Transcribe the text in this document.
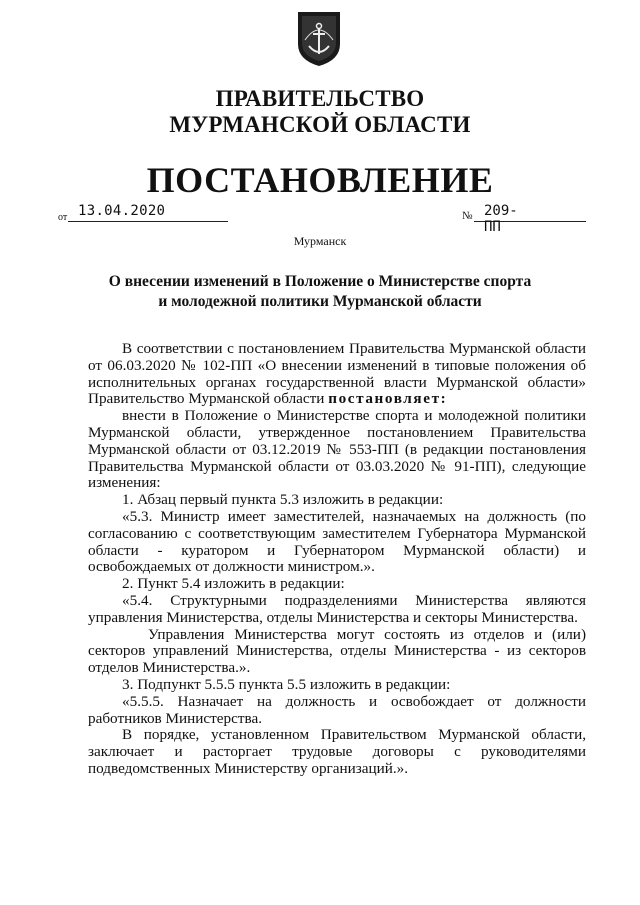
ПРАВИТЕЛЬСТВО
МУРМАНСКОЙ ОБЛАСТИ
ПОСТАНОВЛЕНИЕ
от 13.04.2020	№ 209-ПП
Мурманск
О внесении изменений в Положение о Министерстве спорта
и молодежной политики Мурманской области

В соответствии с постановлением Правительства Мурманской области от 06.03.2020 № 102-ПП «О внесении изменений в типовые положения об исполнительных органах государственной власти Мурманской области» Правительство Мурманской области постановляет:

внести в Положение о Министерстве спорта и молодежной политики Мурманской области, утвержденное постановлением Правительства Мурманской области от 03.12.2019 № 553-ПП (в редакции постановления Правительства Мурманской области от 03.03.2020 № 91-ПП), следующие изменения:

1. Абзац первый пункта 5.3 изложить в редакции:

«5.3. Министр имеет заместителей, назначаемых на должность (по согласованию с соответствующим заместителем Губернатора Мурманской области - куратором и Губернатором Мурманской области) и освобождаемых от должности министром.».

2. Пункт 5.4 изложить в редакции:

«5.4. Структурными подразделениями Министерства являются управления Министерства, отделы Министерства и секторы Министерства.

Управления Министерства могут состоять из отделов и (или) секторов управлений Министерства, отделы Министерства - из секторов отделов Министерства.».

3. Подпункт 5.5.5 пункта 5.5 изложить в редакции:

«5.5.5. Назначает на должность и освобождает от должности работников Министерства.

В порядке, установленном Правительством Мурманской области, заключает и расторгает трудовые договоры с руководителями подведомственных Министерству организаций.».
